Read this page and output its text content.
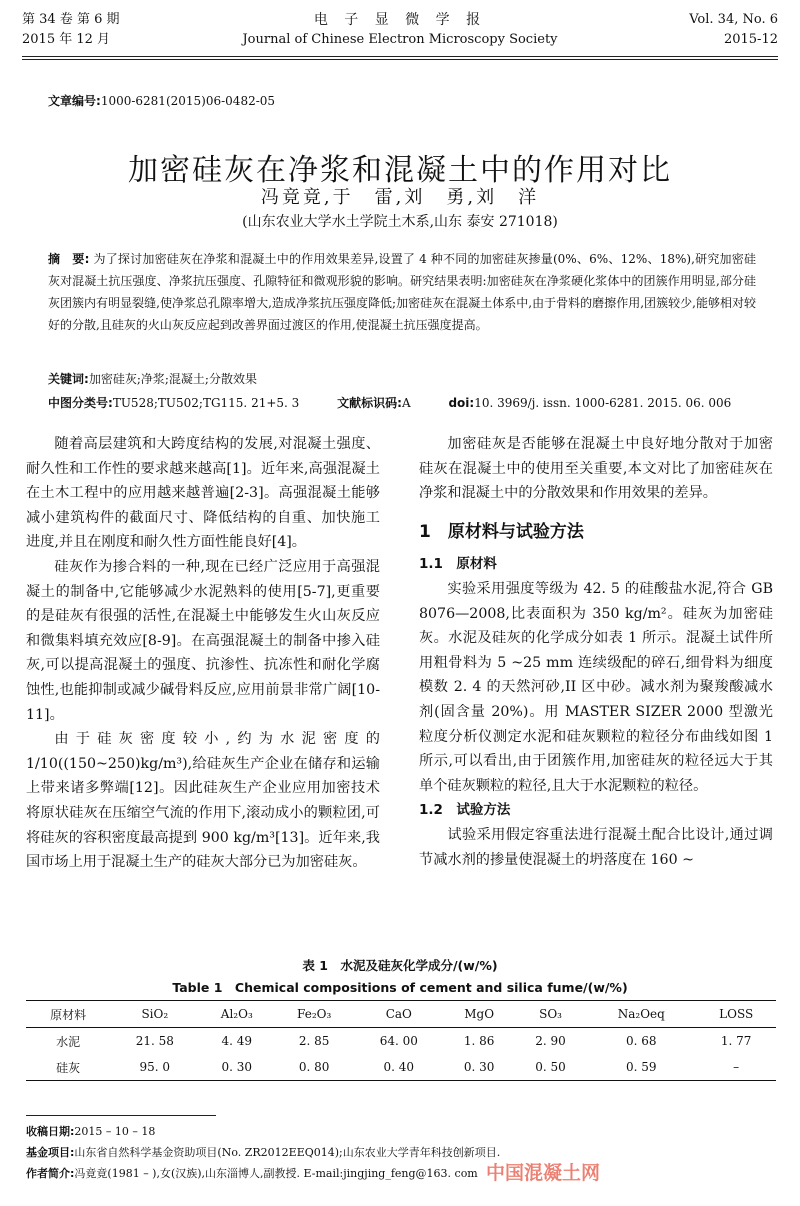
第 34 卷 第 6 期
2015 年 12 月
电 子 显 微 学 报
Journal of Chinese Electron Microscopy Society
Vol. 34, No. 6
2015-12
文章编号:1000-6281(2015)06-0482-05
加密硅灰在净浆和混凝土中的作用对比
冯竟竟,于　雷,刘　勇,刘　洋
(山东农业大学水土学院土木系,山东 泰安 271018)
摘　要: 为了探讨加密硅灰在净浆和混凝土中的作用效果差异,设置了 4 种不同的加密硅灰掺量(0%、6%、12%、18%),研究加密硅灰对混凝土抗压强度、净浆抗压强度、孔隙特征和微观形貌的影响。研究结果表明:加密硅灰在净浆硬化浆体中的团簇作用明显,部分硅灰团簇内有明显裂缝,使净浆总孔隙率增大,造成净浆抗压强度降低;加密硅灰在混凝土体系中,由于骨料的磨擦作用,团簇较少,能够相对较好的分散,且硅灰的火山灰反应起到改善界面过渡区的作用,使混凝土抗压强度提高。
关键词:加密硅灰;净浆;混凝土;分散效果
中图分类号:TU528;TU502;TG115. 21+5. 3	文献标识码:A	doi:10. 3969/j. issn. 1000-6281. 2015. 06. 006

随着高层建筑和大跨度结构的发展,对混凝土强度、耐久性和工作性的要求越来越高[1]。近年来,高强混凝土在土木工程中的应用越来越普遍[2-3]。高强混凝土能够减小建筑构件的截面尺寸、降低结构的自重、加快施工进度,并且在刚度和耐久性方面性能良好[4]。

硅灰作为掺合料的一种,现在已经广泛应用于高强混凝土的制备中,它能够减少水泥熟料的使用[5-7],更重要的是硅灰有很强的活性,在混凝土中能够发生火山灰反应和微集料填充效应[8-9]。在高强混凝土的制备中掺入硅灰,可以提高混凝土的强度、抗渗性、抗冻性和耐化学腐蚀性,也能抑制或减少碱骨料反应,应用前景非常广阔[10-11]。

由于硅灰密度较小,约为水泥密度的 1/10((150~250)kg/m³),给硅灰生产企业在储存和运输上带来诸多弊端[12]。因此硅灰生产企业应用加密技术将原状硅灰在压缩空气流的作用下,滚动成小的颗粒团,可将硅灰的容积密度最高提到 900 kg/m³[13]。近年来,我国市场上用于混凝土生产的硅灰大部分已为加密硅灰。

加密硅灰是否能够在混凝土中良好地分散对于加密硅灰在混凝土中的使用至关重要,本文对比了加密硅灰在净浆和混凝土中的分散效果和作用效果的差异。

1　原材料与试验方法
1.1　原材料

实验采用强度等级为 42. 5 的硅酸盐水泥,符合 GB 8076—2008,比表面积为 350 kg/m²。硅灰为加密硅灰。水泥及硅灰的化学成分如表 1 所示。混凝土试件所用粗骨料为 5 ~25 mm 连续级配的碎石,细骨料为细度模数 2. 4 的天然河砂,II 区中砂。减水剂为聚羧酸减水剂(固含量 20%)。用 MASTER SIZER 2000 型激光粒度分析仪测定水泥和硅灰颗粒的粒径分布曲线如图 1 所示,可以看出,由于团簇作用,加密硅灰的粒径远大于其单个硅灰颗粒的粒径,且大于水泥颗粒的粒径。

1.2　试验方法

试验采用假定容重法进行混凝土配合比设计,通过调节减水剂的掺量使混凝土的坍落度在 160 ~

表 1　水泥及硅灰化学成分/(w/%)
Table 1　Chemical compositions of cement and silica fume/(w/%)
原材料	SiO₂	Al₂O₃	Fe₂O₃	CaO	MgO	SO₃	Na₂Oeq	LOSS
水泥	21. 58	4. 49	2. 85	64. 00	1. 86	2. 90	0. 68	1. 77
硅灰	95. 0	0. 30	0. 80	0. 40	0. 30	0. 50	0. 59	–
收稿日期:2015 – 10 – 18
基金项目:山东省自然科学基金资助项目(No. ZR2012EEQ014);山东农业大学青年科技创新项目.
作者简介:冯竟竟(1981 – ),女(汉族),山东淄博人,副教授. E-mail:jingjing_feng@163. com 中国混凝土网
